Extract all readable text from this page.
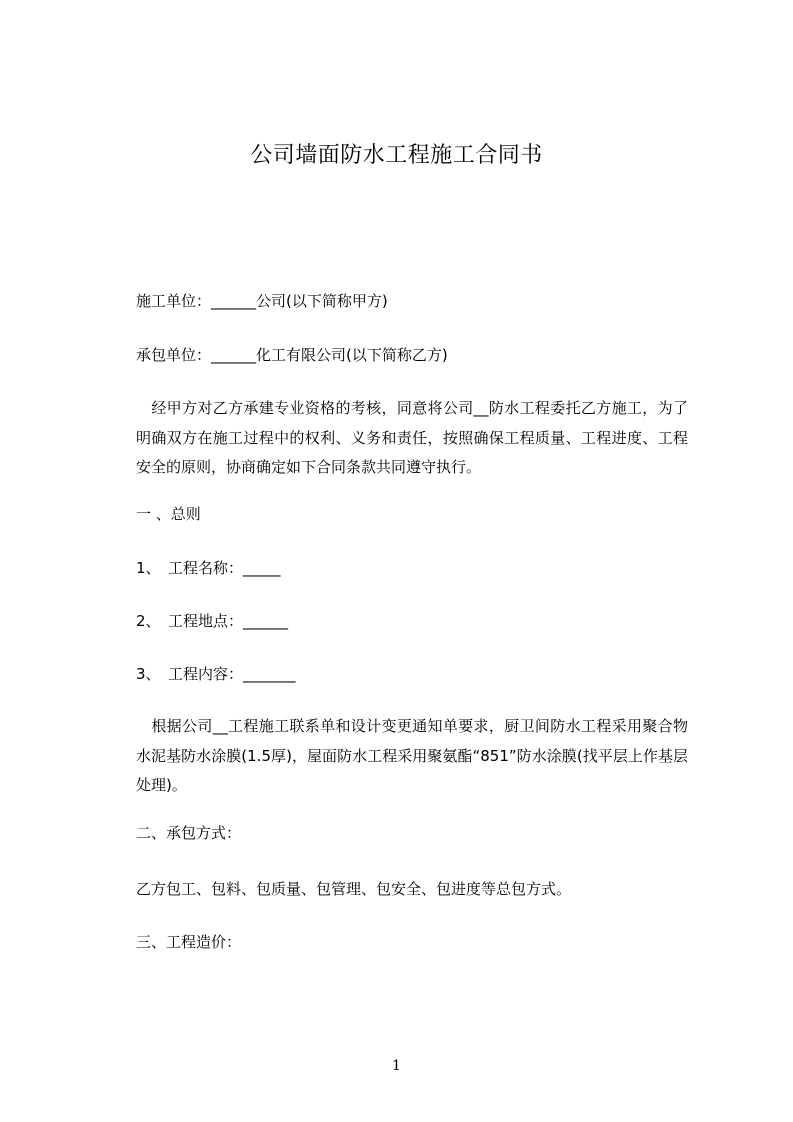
公司墙面防水工程施工合同书
施工单位：______公司(以下简称甲方)
承包单位：______化工有限公司(以下简称乙方)
　经甲方对乙方承建专业资格的考核，同意将公司__防水工程委托乙方施工，为了明确双方在施工过程中的权利、义务和责任，按照确保工程质量、工程进度、工程安全的原则，协商确定如下合同条款共同遵守执行。
一 、总则
1、　工程名称：_____
2、　工程地点：______
3、　工程内容：_______
　根据公司__工程施工联系单和设计变更通知单要求，厨卫间防水工程采用聚合物水泥基防水涂膜(1.5厚)，屋面防水工程采用聚氨酯“851”防水涂膜(找平层上作基层处理)。
二、承包方式：
乙方包工、包料、包质量、包管理、包安全、包进度等总包方式。
三、工程造价：
1
